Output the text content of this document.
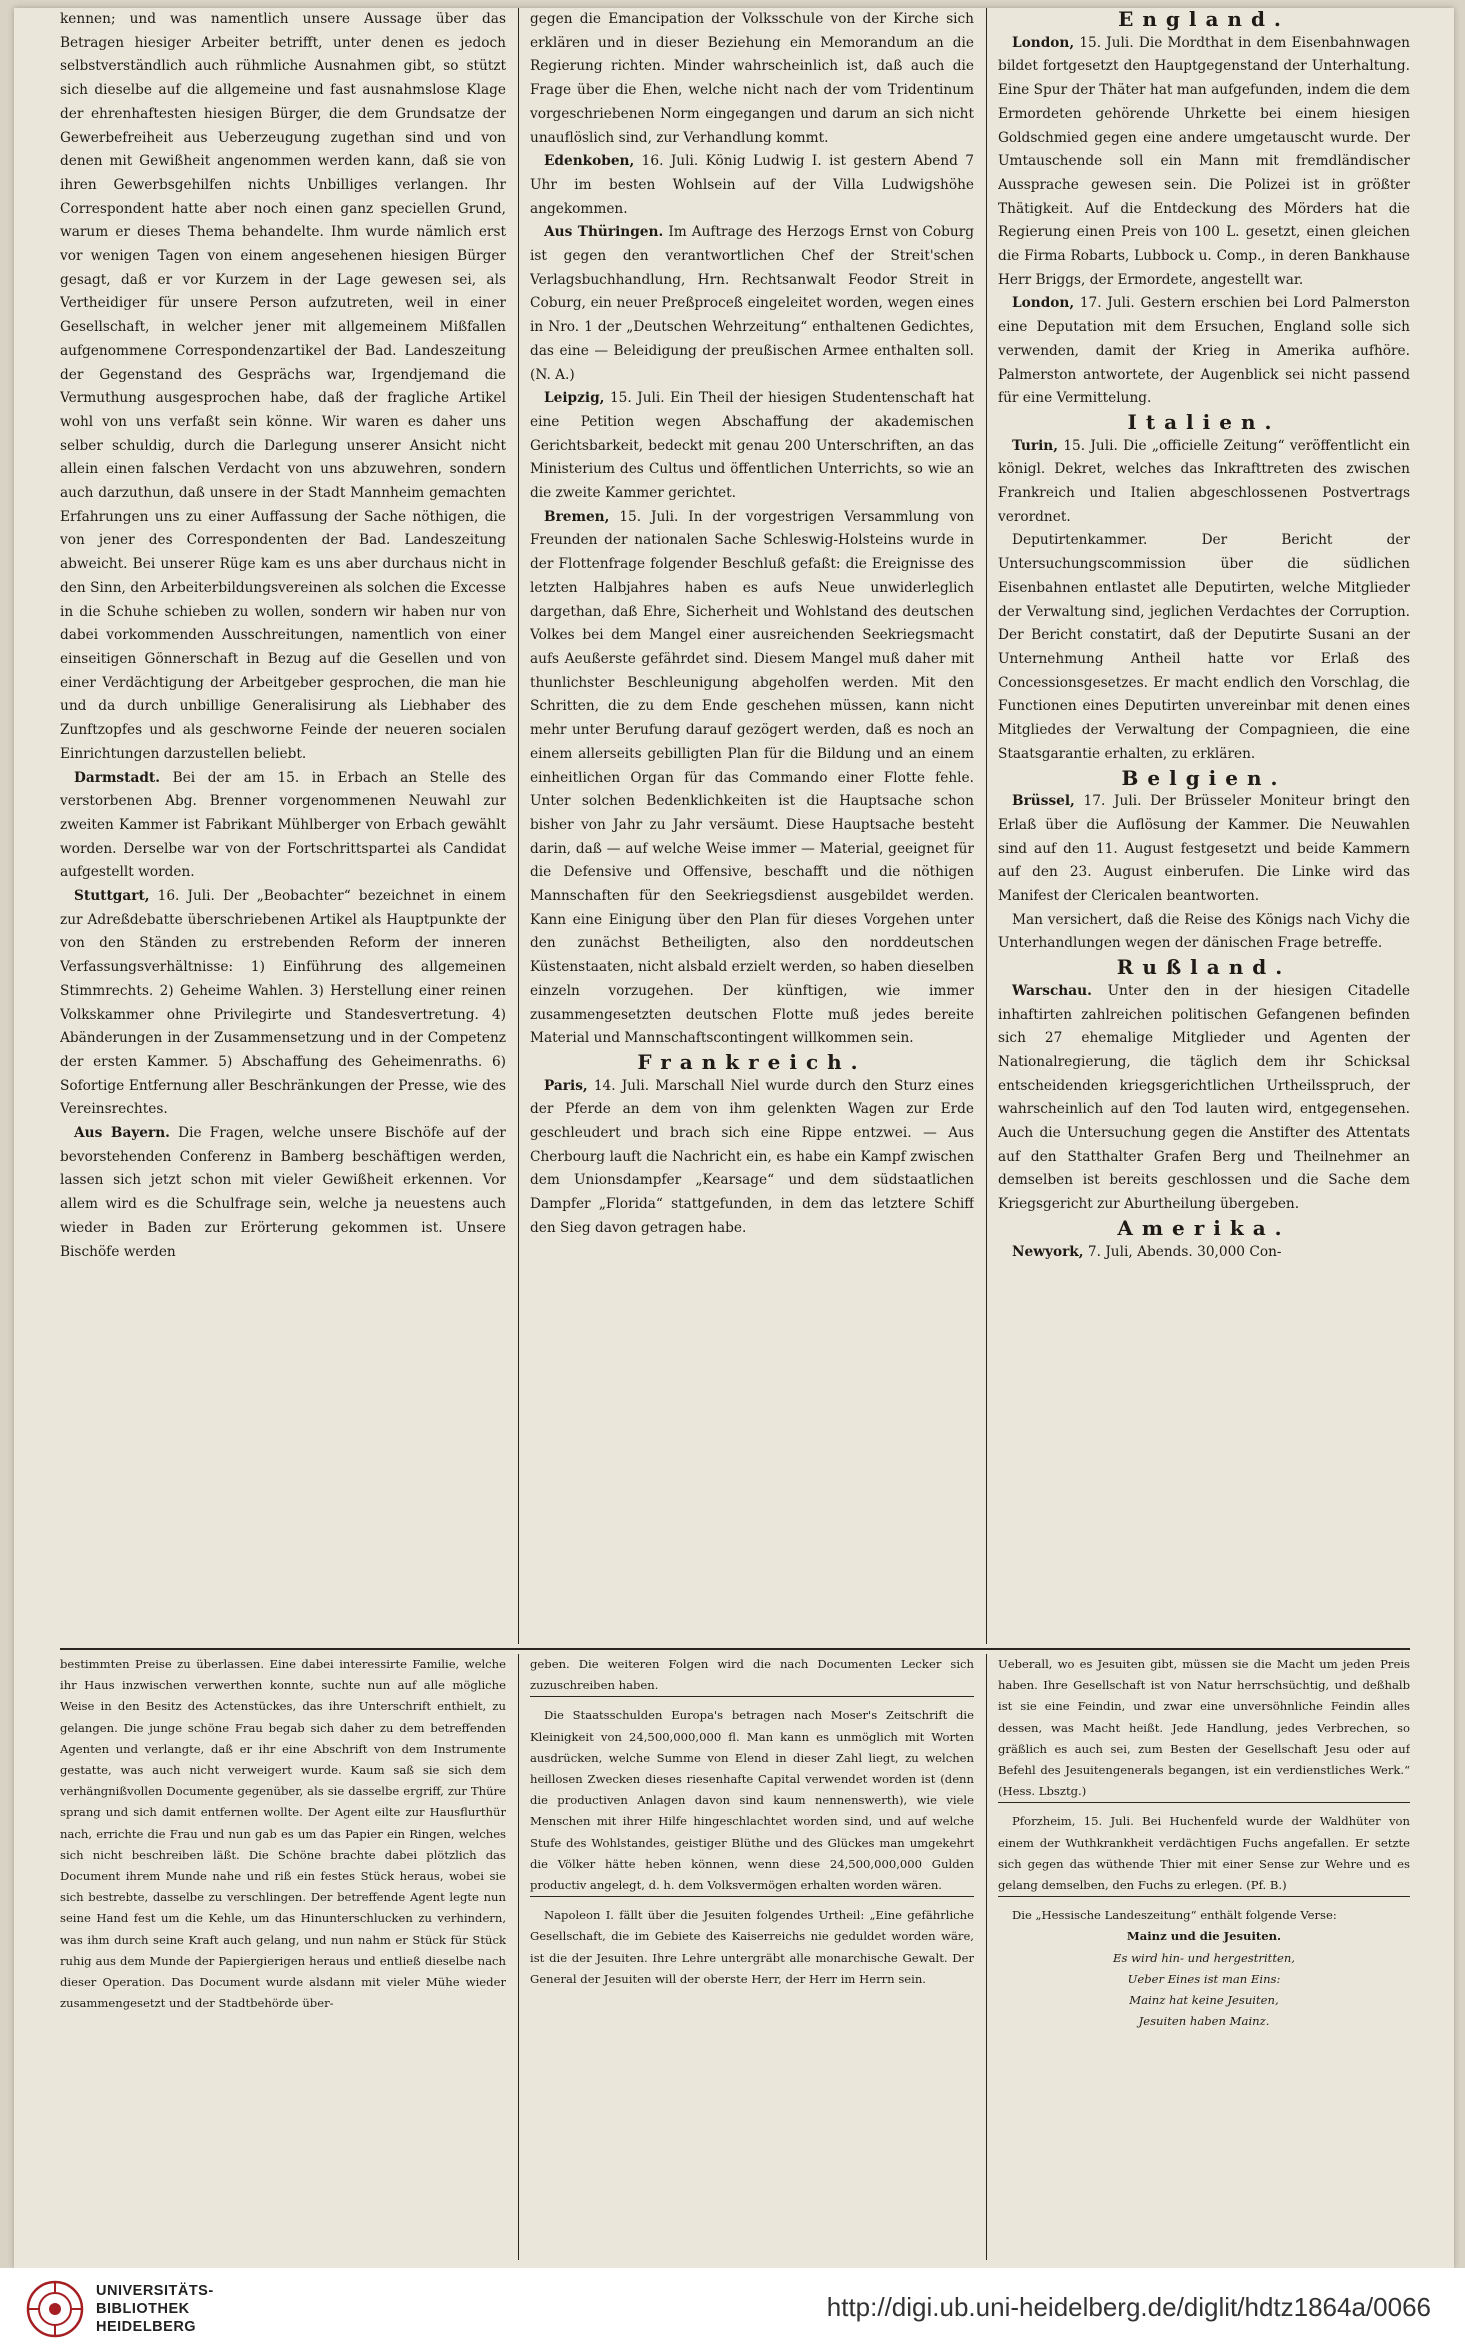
kennen; und was namentlich unsere Aussage über das Betragen hiesiger Arbeiter betrifft, unter denen es jedoch selbstverständlich auch rühmliche Ausnahmen gibt, so stützt sich dieselbe auf die allgemeine und fast ausnahmslose Klage der ehrenhaftesten hiesigen Bürger, die dem Grundsatze der Gewerbefreiheit aus Ueberzeugung zugethan sind und von denen mit Gewißheit angenommen werden kann, daß sie von ihren Gewerbsgehilfen nichts Unbilliges verlangen. Ihr Correspondent hatte aber noch einen ganz speciellen Grund, warum er dieses Thema behandelte. Ihm wurde nämlich erst vor wenigen Tagen von einem angesehenen hiesigen Bürger gesagt, daß er vor Kurzem in der Lage gewesen sei, als Vertheidiger für unsere Person aufzutreten, weil in einer Gesellschaft, in welcher jener mit allgemeinem Mißfallen aufgenommene Correspondenzartikel der Bad. Landeszeitung der Gegenstand des Gesprächs war, Irgendjemand die Vermuthung ausgesprochen habe, daß der fragliche Artikel wohl von uns verfaßt sein könne. Wir waren es daher uns selber schuldig, durch die Darlegung unserer Ansicht nicht allein einen falschen Verdacht von uns abzuwehren, sondern auch darzuthun, daß unsere in der Stadt Mannheim gemachten Erfahrungen uns zu einer Auffassung der Sache nöthigen, die von jener des Correspondenten der Bad. Landeszeitung abweicht. Bei unserer Rüge kam es uns aber durchaus nicht in den Sinn, den Arbeiterbildungsvereinen als solchen die Excesse in die Schuhe schieben zu wollen, sondern wir haben nur von dabei vorkommenden Ausschreitungen, namentlich von einer einseitigen Gönnerschaft in Bezug auf die Gesellen und von einer Verdächtigung der Arbeitgeber gesprochen, die man hie und da durch unbillige Generalisirung als Liebhaber des Zunftzopfes und als geschworne Feinde der neueren socialen Einrichtungen darzustellen beliebt.

Darmstadt. Bei der am 15. in Erbach an Stelle des verstorbenen Abg. Brenner vorgenommenen Neuwahl zur zweiten Kammer ist Fabrikant Mühlberger von Erbach gewählt worden. Derselbe war von der Fortschrittspartei als Candidat aufgestellt worden.

Stuttgart, 16. Juli. Der „Beobachter“ bezeichnet in einem zur Adreßdebatte überschriebenen Artikel als Hauptpunkte der von den Ständen zu erstrebenden Reform der inneren Verfassungsverhältnisse: 1) Einführung des allgemeinen Stimmrechts. 2) Geheime Wahlen. 3) Herstellung einer reinen Volkskammer ohne Privilegirte und Standesvertretung. 4) Abänderungen in der Zusammensetzung und in der Competenz der ersten Kammer. 5) Abschaffung des Geheimenraths. 6) Sofortige Entfernung aller Beschränkungen der Presse, wie des Vereinsrechtes.

Aus Bayern. Die Fragen, welche unsere Bischöfe auf der bevorstehenden Conferenz in Bamberg beschäftigen werden, lassen sich jetzt schon mit vieler Gewißheit erkennen. Vor allem wird es die Schulfrage sein, welche ja neuestens auch wieder in Baden zur Erörterung gekommen ist. Unsere Bischöfe werden

gegen die Emancipation der Volksschule von der Kirche sich erklären und in dieser Beziehung ein Memorandum an die Regierung richten. Minder wahrscheinlich ist, daß auch die Frage über die Ehen, welche nicht nach der vom Tridentinum vorgeschriebenen Norm eingegangen und darum an sich nicht unauflöslich sind, zur Verhandlung kommt.

Edenkoben, 16. Juli. König Ludwig I. ist gestern Abend 7 Uhr im besten Wohlsein auf der Villa Ludwigshöhe angekommen.

Aus Thüringen. Im Auftrage des Herzogs Ernst von Coburg ist gegen den verantwortlichen Chef der Streit'schen Verlagsbuchhandlung, Hrn. Rechtsanwalt Feodor Streit in Coburg, ein neuer Preßproceß eingeleitet worden, wegen eines in Nro. 1 der „Deutschen Wehrzeitung“ enthaltenen Gedichtes, das eine — Beleidigung der preußischen Armee enthalten soll. (N. A.)

Leipzig, 15. Juli. Ein Theil der hiesigen Studentenschaft hat eine Petition wegen Abschaffung der akademischen Gerichtsbarkeit, bedeckt mit genau 200 Unterschriften, an das Ministerium des Cultus und öffentlichen Unterrichts, so wie an die zweite Kammer gerichtet.

Bremen, 15. Juli. In der vorgestrigen Versammlung von Freunden der nationalen Sache Schleswig-Holsteins wurde in der Flottenfrage folgender Beschluß gefaßt: die Ereignisse des letzten Halbjahres haben es aufs Neue unwiderleglich dargethan, daß Ehre, Sicherheit und Wohlstand des deutschen Volkes bei dem Mangel einer ausreichenden Seekriegsmacht aufs Aeußerste gefährdet sind. Diesem Mangel muß daher mit thunlichster Beschleunigung abgeholfen werden. Mit den Schritten, die zu dem Ende geschehen müssen, kann nicht mehr unter Berufung darauf gezögert werden, daß es noch an einem allerseits gebilligten Plan für die Bildung und an einem einheitlichen Organ für das Commando einer Flotte fehle. Unter solchen Bedenklichkeiten ist die Hauptsache schon bisher von Jahr zu Jahr versäumt. Diese Hauptsache besteht darin, daß — auf welche Weise immer — Material, geeignet für die Defensive und Offensive, beschafft und die nöthigen Mannschaften für den Seekriegsdienst ausgebildet werden. Kann eine Einigung über den Plan für dieses Vorgehen unter den zunächst Betheiligten, also den norddeutschen Küstenstaaten, nicht alsbald erzielt werden, so haben dieselben einzeln vorzugehen. Der künftigen, wie immer zusammengesetzten deutschen Flotte muß jedes bereite Material und Mannschaftscontingent willkommen sein.

Frankreich.

Paris, 14. Juli. Marschall Niel wurde durch den Sturz eines der Pferde an dem von ihm gelenkten Wagen zur Erde geschleudert und brach sich eine Rippe entzwei. — Aus Cherbourg lauft die Nachricht ein, es habe ein Kampf zwischen dem Unionsdampfer „Kearsage“ und dem südstaatlichen Dampfer „Florida“ stattgefunden, in dem das letztere Schiff den Sieg davon getragen habe.

England.

London, 15. Juli. Die Mordthat in dem Eisenbahnwagen bildet fortgesetzt den Hauptgegenstand der Unterhaltung. Eine Spur der Thäter hat man aufgefunden, indem die dem Ermordeten gehörende Uhrkette bei einem hiesigen Goldschmied gegen eine andere umgetauscht wurde. Der Umtauschende soll ein Mann mit fremdländischer Aussprache gewesen sein. Die Polizei ist in größter Thätigkeit. Auf die Entdeckung des Mörders hat die Regierung einen Preis von 100 L. gesetzt, einen gleichen die Firma Robarts, Lubbock u. Comp., in deren Bankhause Herr Briggs, der Ermordete, angestellt war.

London, 17. Juli. Gestern erschien bei Lord Palmerston eine Deputation mit dem Ersuchen, England solle sich verwenden, damit der Krieg in Amerika aufhöre. Palmerston antwortete, der Augenblick sei nicht passend für eine Vermittelung.

Italien.

Turin, 15. Juli. Die „officielle Zeitung“ veröffentlicht ein königl. Dekret, welches das Inkrafttreten des zwischen Frankreich und Italien abgeschlossenen Postvertrags verordnet.

Deputirtenkammer. Der Bericht der Untersuchungscommission über die südlichen Eisenbahnen entlastet alle Deputirten, welche Mitglieder der Verwaltung sind, jeglichen Verdachtes der Corruption. Der Bericht constatirt, daß der Deputirte Susani an der Unternehmung Antheil hatte vor Erlaß des Concessionsgesetzes. Er macht endlich den Vorschlag, die Functionen eines Deputirten unvereinbar mit denen eines Mitgliedes der Verwaltung der Compagnieen, die eine Staatsgarantie erhalten, zu erklären.

Belgien.

Brüssel, 17. Juli. Der Brüsseler Moniteur bringt den Erlaß über die Auflösung der Kammer. Die Neuwahlen sind auf den 11. August festgesetzt und beide Kammern auf den 23. August einberufen. Die Linke wird das Manifest der Clericalen beantworten.

Man versichert, daß die Reise des Königs nach Vichy die Unterhandlungen wegen der dänischen Frage betreffe.

Rußland.

Warschau. Unter den in der hiesigen Citadelle inhaftirten zahlreichen politischen Gefangenen befinden sich 27 ehemalige Mitglieder und Agenten der Nationalregierung, die täglich dem ihr Schicksal entscheidenden kriegsgerichtlichen Urtheilsspruch, der wahrscheinlich auf den Tod lauten wird, entgegensehen. Auch die Untersuchung gegen die Anstifter des Attentats auf den Statthalter Grafen Berg und Theilnehmer an demselben ist bereits geschlossen und die Sache dem Kriegsgericht zur Aburtheilung übergeben.

Amerika.

Newyork, 7. Juli, Abends. 30,000 Con-

bestimmten Preise zu überlassen. Eine dabei interessirte Familie, welche ihr Haus inzwischen verwerthen konnte, suchte nun auf alle mögliche Weise in den Besitz des Actenstückes, das ihre Unterschrift enthielt, zu gelangen. Die junge schöne Frau begab sich daher zu dem betreffenden Agenten und verlangte, daß er ihr eine Abschrift von dem Instrumente gestatte, was auch nicht verweigert wurde. Kaum saß sie sich dem verhängnißvollen Documente gegenüber, als sie dasselbe ergriff, zur Thüre sprang und sich damit entfernen wollte. Der Agent eilte zur Hausflurthür nach, errichte die Frau und nun gab es um das Papier ein Ringen, welches sich nicht beschreiben läßt. Die Schöne brachte dabei plötzlich das Document ihrem Munde nahe und riß ein festes Stück heraus, wobei sie sich bestrebte, dasselbe zu verschlingen. Der betreffende Agent legte nun seine Hand fest um die Kehle, um das Hinunterschlucken zu verhindern, was ihm durch seine Kraft auch gelang, und nun nahm er Stück für Stück ruhig aus dem Munde der Papiergierigen heraus und entließ dieselbe nach dieser Operation. Das Document wurde alsdann mit vieler Mühe wieder zusammengesetzt und der Stadtbehörde über-

geben. Die weiteren Folgen wird die nach Documenten Lecker sich zuzuschreiben haben.

Die Staatsschulden Europa's betragen nach Moser's Zeitschrift die Kleinigkeit von 24,500,000,000 fl. Man kann es unmöglich mit Worten ausdrücken, welche Summe von Elend in dieser Zahl liegt, zu welchen heillosen Zwecken dieses riesenhafte Capital verwendet worden ist (denn die productiven Anlagen davon sind kaum nennenswerth), wie viele Menschen mit ihrer Hilfe hingeschlachtet worden sind, und auf welche Stufe des Wohlstandes, geistiger Blüthe und des Glückes man umgekehrt die Völker hätte heben können, wenn diese 24,500,000,000 Gulden productiv angelegt, d. h. dem Volksvermögen erhalten worden wären.

Napoleon I. fällt über die Jesuiten folgendes Urtheil: „Eine gefährliche Gesellschaft, die im Gebiete des Kaiserreichs nie geduldet worden wäre, ist die der Jesuiten. Ihre Lehre untergräbt alle monarchische Gewalt. Der General der Jesuiten will der oberste Herr, der Herr im Herrn sein.

Ueberall, wo es Jesuiten gibt, müssen sie die Macht um jeden Preis haben. Ihre Gesellschaft ist von Natur herrschsüchtig, und deßhalb ist sie eine Feindin, und zwar eine unversöhnliche Feindin alles dessen, was Macht heißt. Jede Handlung, jedes Verbrechen, so gräßlich es auch sei, zum Besten der Gesellschaft Jesu oder auf Befehl des Jesuitengenerals begangen, ist ein verdienstliches Werk.“ (Hess. Lbsztg.)

Pforzheim, 15. Juli. Bei Huchenfeld wurde der Waldhüter von einem der Wuthkrankheit verdächtigen Fuchs angefallen. Er setzte sich gegen das wüthende Thier mit einer Sense zur Wehre und es gelang demselben, den Fuchs zu erlegen. (Pf. B.)

Die „Hessische Landeszeitung“ enthält folgende Verse:

Mainz und die Jesuiten.

Es wird hin- und hergestritten,

Ueber Eines ist man Eins:

Mainz hat keine Jesuiten,

Jesuiten haben Mainz.

UNIVERSITÄTS-
BIBLIOTHEK
HEIDELBERG
http://digi.ub.uni-heidelberg.de/diglit/hdtz1864a/0066
